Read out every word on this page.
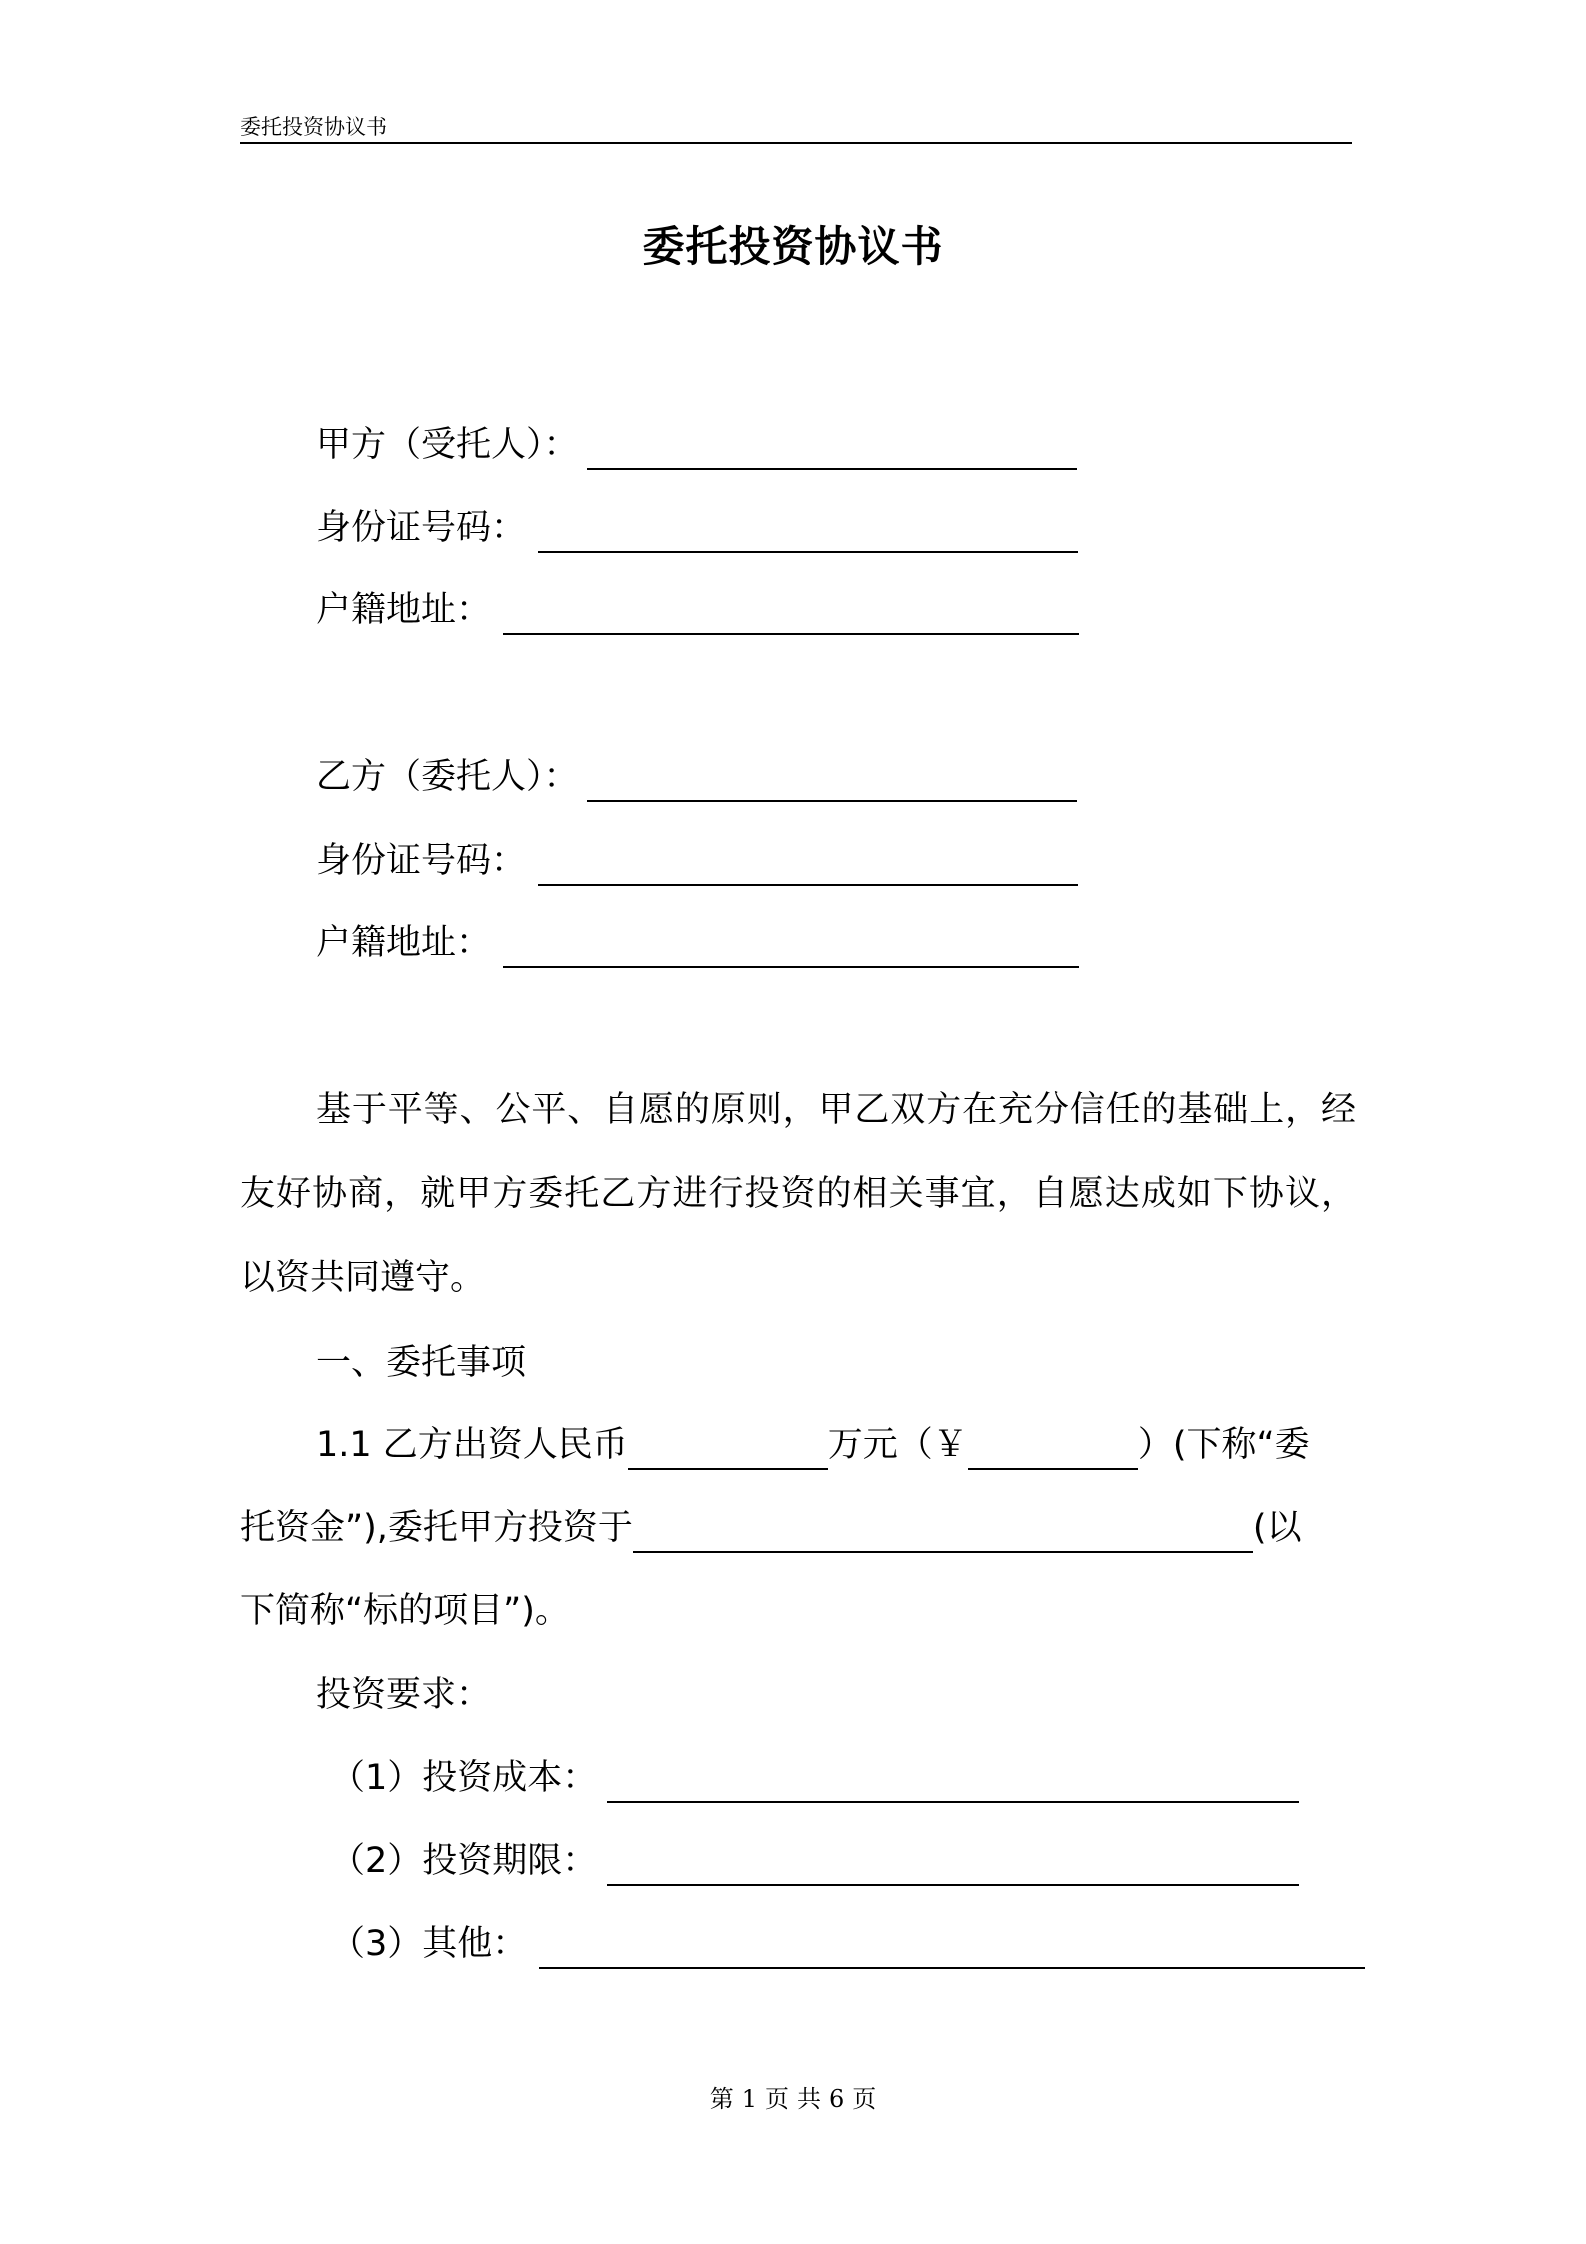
委托投资协议书
委托投资协议书
甲方（受托人）：
身份证号码：
户籍地址：
乙方（委托人）：
身份证号码：
户籍地址：
基于平等、公平、自愿的原则，甲乙双方在充分信任的基础上，经友好协商，就甲方委托乙方进行投资的相关事宜，自愿达成如下协议，以资共同遵守。
一、委托事项
1.1 乙方出资人民币	万元（￥	）(下称“委
托资金”),委托甲方投资于	(以
下简称“标的项目”)。
投资要求：
（1）投资成本：
（2）投资期限：
（3）其他：
第 1 页 共 6 页
